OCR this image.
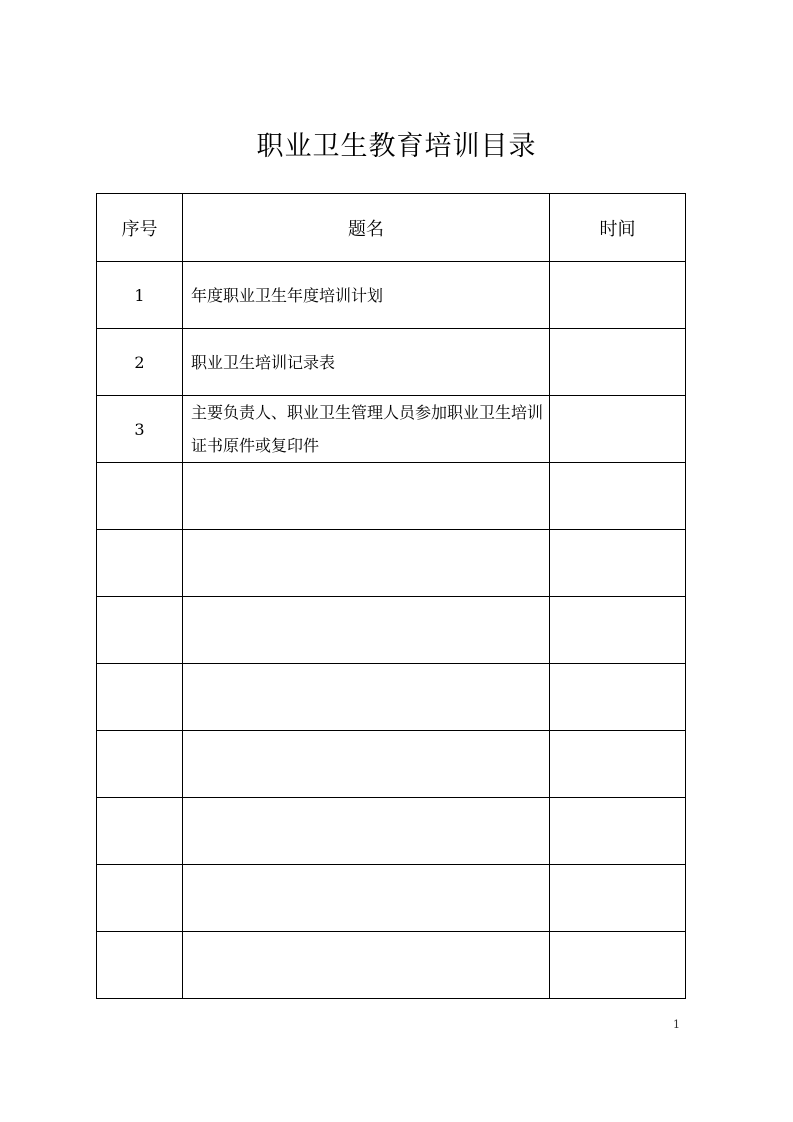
职业卫生教育培训目录
序号	题名	时间
1	年度职业卫生年度培训计划	
2	职业卫生培训记录表	
3	主要负责人、职业卫生管理人员参加职业卫生培训证书原件或复印件	

1
